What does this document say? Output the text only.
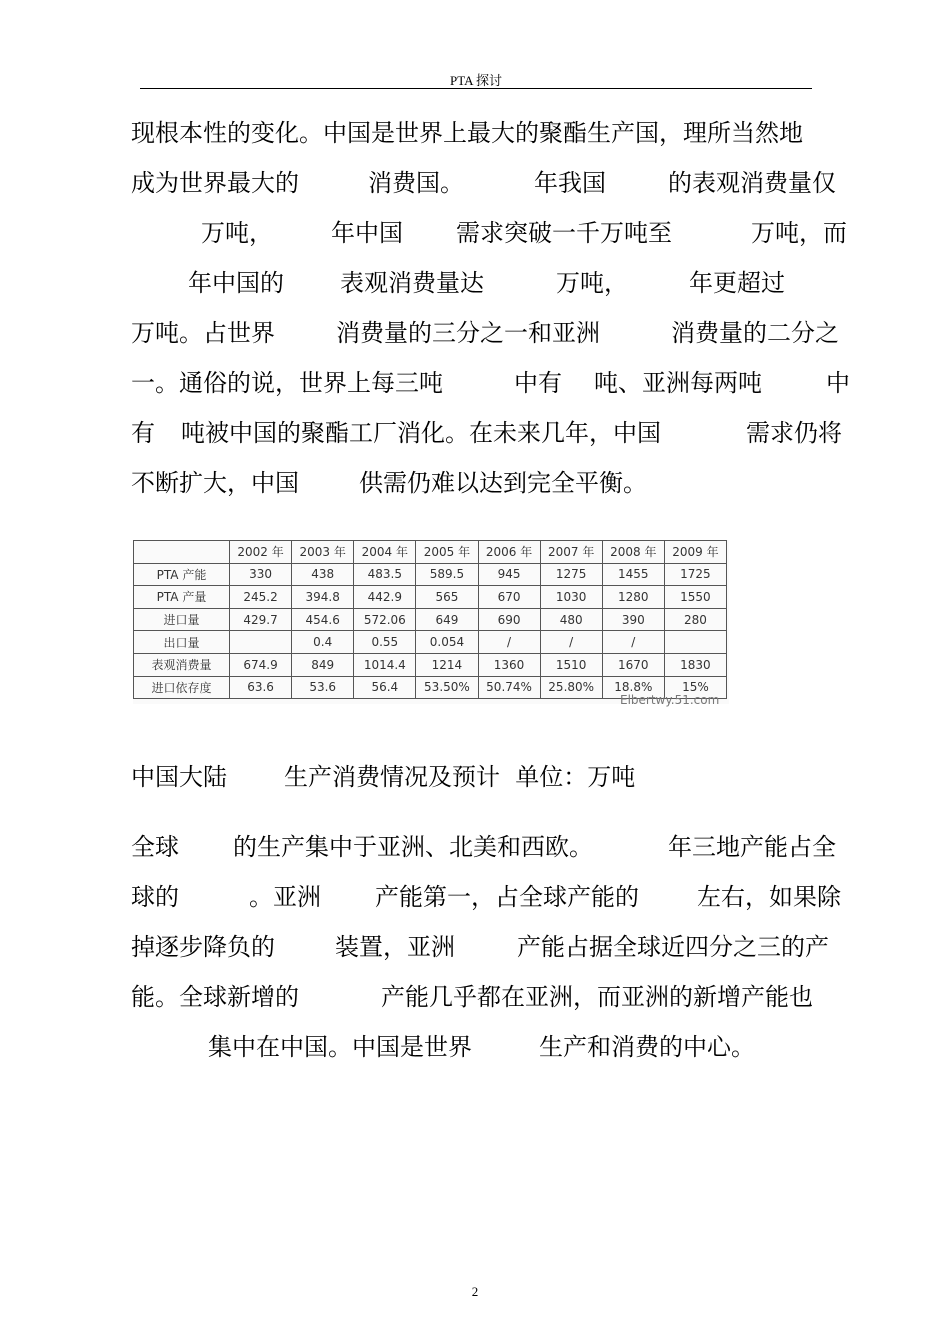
PTA 探讨

现根本性的变化。中国是世界上最大的聚酯生产国，理所当然地

成为世界最大的

	消费国。

	年我国

	的表观消费量仅

万吨，

年中国

需求突破一千万吨至

	万吨，而

年中国的

表观消费量达

	万吨，

	年更超过

万吨。占世界

	消费量的三分之一和亚洲

	消费量的二分之

一。通俗的说，世界上每三吨

	中有

吨、亚洲每两吨

	中

有

吨被中国的聚酯工厂消化。在未来几年，中国

	需求仍将

不断扩大，中国

	供需仍难以达到完全平衡。

	2002 年	2003 年	2004 年	2005 年	2006 年	2007 年	2008 年	2009 年
PTA 产能	330	438	483.5	589.5	945	1275	1455	1725
PTA 产量	245.2	394.8	442.9	565	670	1030	1280	1550
进口量	429.7	454.6	572.06	649	690	480	390	280
出口量		0.4	0.55	0.054	/	/	/	
表观消费量	674.9	849	1014.4	1214	1360	1510	1670	1830
进口依存度	63.6	53.6	56.4	53.50%	50.74%	25.80%	18.8%	15%
Elbertwy.51.com
中国大陆 生产消费情况及预计  单位：万吨

全球

的生产集中于亚洲、北美和西欧。

	年三地产能占全

球的

	。亚洲

产能第一，占全球产能的

左右，如果除

掉逐步降负的

	装置，亚洲

	产能占据全球近四分之三的产

能。全球新增的

	产能几乎都在亚洲，而亚洲的新增产能也

集中在中国。中国是世界

	生产和消费的中心。

2
